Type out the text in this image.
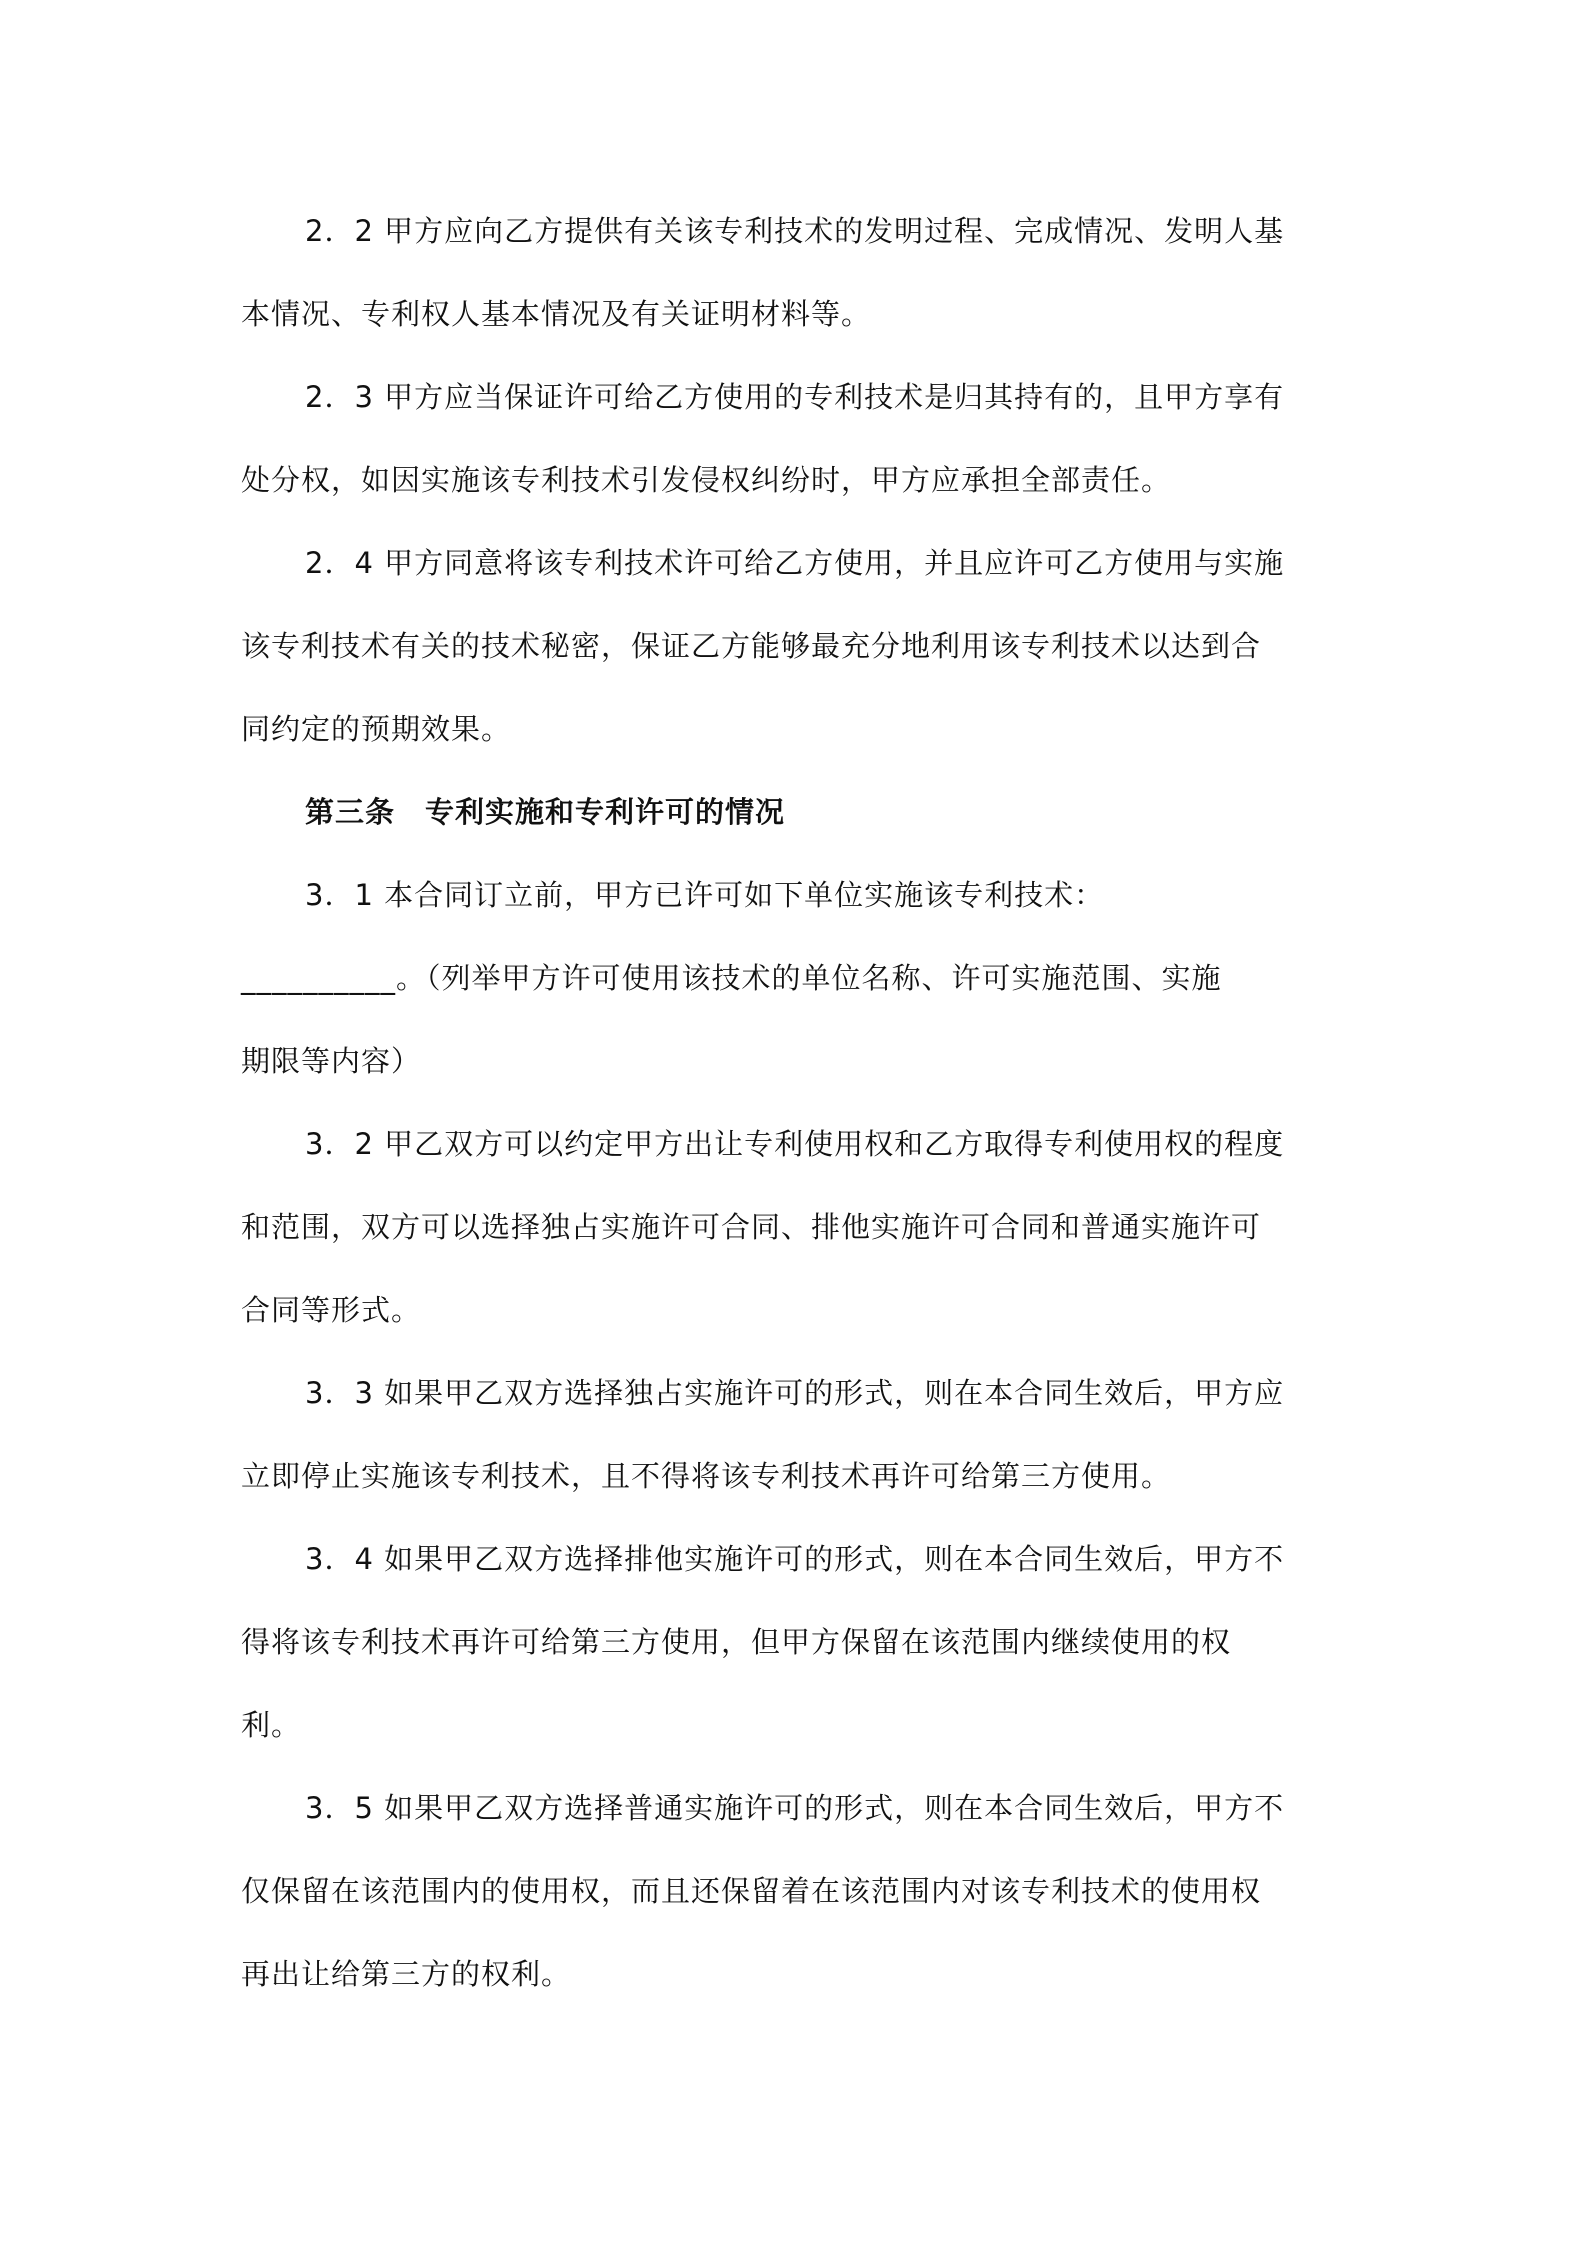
2．2 甲方应向乙方提供有关该专利技术的发明过程、完成情况、发明人基
本情况、专利权人基本情况及有关证明材料等。
2．3 甲方应当保证许可给乙方使用的专利技术是归其持有的，且甲方享有
处分权，如因实施该专利技术引发侵权纠纷时，甲方应承担全部责任。
2．4 甲方同意将该专利技术许可给乙方使用，并且应许可乙方使用与实施
该专利技术有关的技术秘密，保证乙方能够最充分地利用该专利技术以达到合
同约定的预期效果。
第三条　专利实施和专利许可的情况
3．1 本合同订立前，甲方已许可如下单位实施该专利技术：
__________。（列举甲方许可使用该技术的单位名称、许可实施范围、实施
期限等内容）
3．2 甲乙双方可以约定甲方出让专利使用权和乙方取得专利使用权的程度
和范围，双方可以选择独占实施许可合同、排他实施许可合同和普通实施许可
合同等形式。
3．3 如果甲乙双方选择独占实施许可的形式，则在本合同生效后，甲方应
立即停止实施该专利技术，且不得将该专利技术再许可给第三方使用。
3．4 如果甲乙双方选择排他实施许可的形式，则在本合同生效后，甲方不
得将该专利技术再许可给第三方使用，但甲方保留在该范围内继续使用的权
利。
3．5 如果甲乙双方选择普通实施许可的形式，则在本合同生效后，甲方不
仅保留在该范围内的使用权，而且还保留着在该范围内对该专利技术的使用权
再出让给第三方的权利。
